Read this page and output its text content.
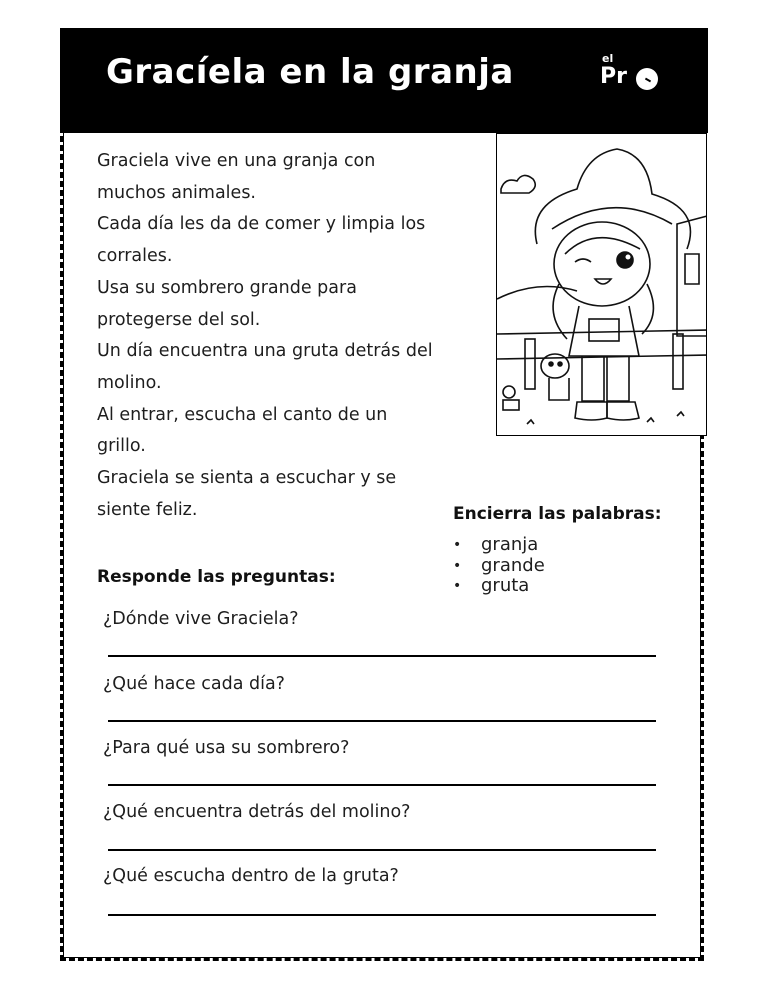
Gracíela en la granja	el
Pr

Graciela vive en una granja con

muchos animales.

Cada día les da de comer y limpia los

corrales.

Usa su sombrero grande para

protegerse del sol.

Un día encuentra una gruta detrás del

molino.

Al entrar, escucha el canto de un

grillo.

Graciela se sienta a escuchar y se

siente feliz.	Encierra las palabras:
• granja
• grande
• gruta
Responde las preguntas:
¿Dónde vive Graciela?
¿Qué hace cada día?
¿Para qué usa su sombrero?
¿Qué encuentra detrás del molino?
¿Qué escucha dentro de la gruta?
